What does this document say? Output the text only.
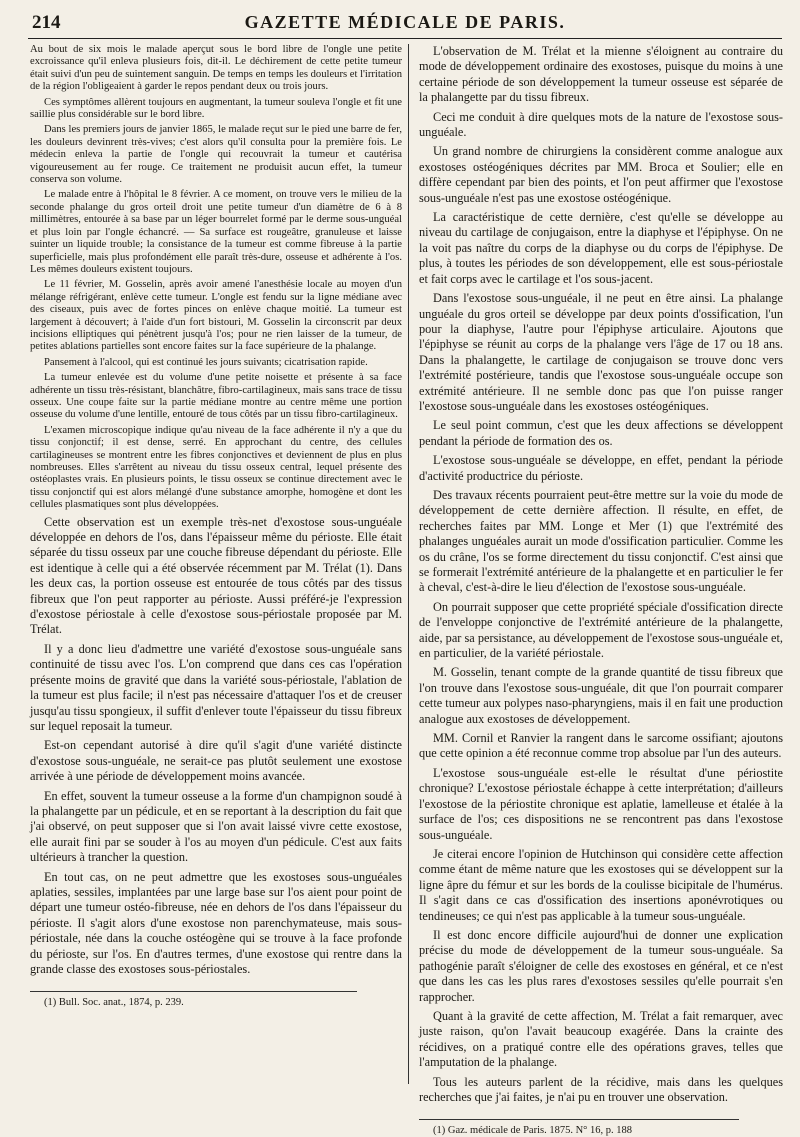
214	GAZETTE MÉDICALE DE PARIS.

Au bout de six mois le malade aperçut sous le bord libre de l'ongle une petite excroissance qu'il enleva plusieurs fois, dit-il. Le déchirement de cette petite tumeur était suivi d'un peu de suintement sanguin. De temps en temps les douleurs et l'irritation de la région l'obligeaient à garder le repos pendant deux ou trois jours.

Ces symptômes allèrent toujours en augmentant, la tumeur souleva l'ongle et fit une saillie plus considérable sur le bord libre.

Dans les premiers jours de janvier 1865, le malade reçut sur le pied une barre de fer, les douleurs devinrent très-vives; c'est alors qu'il consulta pour la première fois. Le médecin enleva la partie de l'ongle qui recouvrait la tumeur et cautérisa vigoureusement au fer rouge. Ce traitement ne produisit aucun effet, la tumeur conserva son volume.

Le malade entre à l'hôpital le 8 février. A ce moment, on trouve vers le milieu de la seconde phalange du gros orteil droit une petite tumeur d'un diamètre de 6 à 8 millimètres, entourée à sa base par un léger bourrelet formé par le derme sous-unguéal et plus loin par l'ongle échancré. — Sa surface est rougeâtre, granuleuse et laisse suinter un liquide trouble; la consistance de la tumeur est comme fibreuse à la partie superficielle, mais plus profondément elle paraît très-dure, osseuse et adhérente à l'os. Les mêmes douleurs existent toujours.

Le 11 février, M. Gosselin, après avoir amené l'anesthésie locale au moyen d'un mélange réfrigérant, enlève cette tumeur. L'ongle est fendu sur la ligne médiane avec des ciseaux, puis avec de fortes pinces on enlève chaque moitié. La tumeur est largement à découvert; à l'aide d'un fort bistouri, M. Gosselin la circonscrit par deux incisions elliptiques qui pénètrent jusqu'à l'os; pour ne rien laisser de la tumeur, de petites ablations partielles sont encore faites sur la face supérieure de la phalange.

Pansement à l'alcool, qui est continué les jours suivants; cicatrisation rapide.

La tumeur enlevée est du volume d'une petite noisette et présente à sa face adhérente un tissu très-résistant, blanchâtre, fibro-cartilagineux, mais sans trace de tissu osseux. Une coupe faite sur la partie médiane montre au centre même une portion osseuse du volume d'une lentille, entouré de tous côtés par un tissu fibro-cartilagineux.

L'examen microscopique indique qu'au niveau de la face adhérente il n'y a que du tissu conjonctif; il est dense, serré. En approchant du centre, des cellules cartilagineuses se montrent entre les fibres conjonctives et deviennent de plus en plus nombreuses. Elles s'arrêtent au niveau du tissu osseux central, lequel présente des ostéoplastes vrais. En plusieurs points, le tissu osseux se continue directement avec le tissu conjonctif qui est alors mélangé d'une substance amorphe, homogène et dont les cellules plasmatiques sont plus développées.

Cette observation est un exemple très-net d'exostose sous-unguéale développée en dehors de l'os, dans l'épaisseur même du périoste. Elle était séparée du tissu osseux par une couche fibreuse dépendant du périoste. Elle est identique à celle qui a été observée récemment par M. Trélat (1). Dans les deux cas, la portion osseuse est entourée de tous côtés par des tissus fibreux que l'on peut rapporter au périoste. Aussi préféré-je l'expression d'exostose périostale à celle d'exostose sous-périostale proposée par M. Trélat.

Il y a donc lieu d'admettre une variété d'exostose sous-unguéale sans continuité de tissu avec l'os. L'on comprend que dans ces cas l'opération présente moins de gravité que dans la variété sous-périostale, l'ablation de la tumeur est plus facile; il n'est pas nécessaire d'attaquer l'os et de creuser jusqu'au tissu spongieux, il suffit d'enlever toute l'épaisseur du tissu fibreux sur lequel reposait la tumeur.

Est-on cependant autorisé à dire qu'il s'agit d'une variété distincte d'exostose sous-unguéale, ne serait-ce pas plutôt seulement une exostose arrivée à une période de développement moins avancée.

En effet, souvent la tumeur osseuse a la forme d'un champignon soudé à la phalangette par un pédicule, et en se reportant à la description du fait que j'ai observé, on peut supposer que si l'on avait laissé vivre cette exostose, elle aurait fini par se souder à l'os au moyen d'un pédicule. C'est aux faits ultérieurs à trancher la question.

En tout cas, on ne peut admettre que les exostoses sous-unguéales aplaties, sessiles, implantées par une large base sur l'os aient pour point de départ une tumeur ostéo-fibreuse, née en dehors de l'os dans l'épaisseur du périoste. Il s'agit alors d'une exostose non parenchymateuse, mais sous-périostale, née dans la couche ostéogène qui se trouve à la face profonde du périoste, sur l'os. En d'autres termes, d'une exostose qui rentre dans la grande classe des exostoses sous-périostales.

(1) Bull. Soc. anat., 1874, p. 239.

L'observation de M. Trélat et la mienne s'éloignent au contraire du mode de développement ordinaire des exostoses, puisque du moins à une certaine période de son développement la tumeur osseuse est séparée de la phalangette par du tissu fibreux.

Ceci me conduit à dire quelques mots de la nature de l'exostose sous-unguéale.

Un grand nombre de chirurgiens la considèrent comme analogue aux exostoses ostéogéniques décrites par MM. Broca et Soulier; elle en diffère cependant par bien des points, et l'on peut affirmer que l'exostose sous-unguéale n'est pas une exostose ostéogénique.

La caractéristique de cette dernière, c'est qu'elle se développe au niveau du cartilage de conjugaison, entre la diaphyse et l'épiphyse. On ne la voit pas naître du corps de la diaphyse ou du corps de l'épiphyse. De plus, à toutes les périodes de son développement, elle est sous-périostale et fait corps avec le cartilage et l'os sous-jacent.

Dans l'exostose sous-unguéale, il ne peut en être ainsi. La phalange unguéale du gros orteil se développe par deux points d'ossification, l'un pour la diaphyse, l'autre pour l'épiphyse articulaire. Ajoutons que l'épiphyse se réunit au corps de la phalange vers l'âge de 17 ou 18 ans. Dans la phalangette, le cartilage de conjugaison se trouve donc vers l'extrémité postérieure, tandis que l'exostose sous-unguéale occupe son extrémité antérieure. Il ne semble donc pas que l'on puisse ranger l'exostose sous-unguéale dans les exostoses ostéogéniques.

Le seul point commun, c'est que les deux affections se développent pendant la période de formation des os.

L'exostose sous-unguéale se développe, en effet, pendant la période d'activité productrice du périoste.

Des travaux récents pourraient peut-être mettre sur la voie du mode de développement de cette dernière affection. Il résulte, en effet, de recherches faites par MM. Longe et Mer (1) que l'extrémité des phalanges unguéales aurait un mode d'ossification particulier. Comme les os du crâne, l'os se forme directement du tissu conjonctif. C'est ainsi que se formerait l'extrémité antérieure de la phalangette et en particulier le fer à cheval, c'est-à-dire le lieu d'élection de l'exostose sous-unguéale.

On pourrait supposer que cette propriété spéciale d'ossification directe de l'enveloppe conjonctive de l'extrémité antérieure de la phalangette, aide, par sa persistance, au développement de l'exostose sous-unguéale et, en particulier, de la variété périostale.

M. Gosselin, tenant compte de la grande quantité de tissu fibreux que l'on trouve dans l'exostose sous-unguéale, dit que l'on pourrait comparer cette tumeur aux polypes naso-pharyngiens, mais il en fait une production analogue aux exostoses de développement.

MM. Cornil et Ranvier la rangent dans le sarcome ossifiant; ajoutons que cette opinion a été reconnue comme trop absolue par l'un des auteurs.

L'exostose sous-unguéale est-elle le résultat d'une périostite chronique? L'exostose périostale échappe à cette interprétation; d'ailleurs l'exostose de la périostite chronique est aplatie, lamelleuse et étalée à la surface de l'os; ces dispositions ne se rencontrent pas dans l'exostose sous-unguéale.

Je citerai encore l'opinion de Hutchinson qui considère cette affection comme étant de même nature que les exostoses qui se développent sur la ligne âpre du fémur et sur les bords de la coulisse bicipitale de l'humérus. Il s'agit dans ce cas d'ossification des insertions aponévrotiques ou tendineuses; ce qui n'est pas applicable à la tumeur sous-unguéale.

Il est donc encore difficile aujourd'hui de donner une explication précise du mode de développement de la tumeur sous-unguéale. Sa pathogénie paraît s'éloigner de celle des exostoses en général, et ce n'est que dans les cas les plus rares d'exostoses sessiles qu'elle pourrait s'en rapprocher.

Quant à la gravité de cette affection, M. Trélat a fait remarquer, avec juste raison, qu'on l'avait beaucoup exagérée. Dans la crainte des récidives, on a pratiqué contre elle des opérations graves, telles que l'amputation de la phalange.

Tous les auteurs parlent de la récidive, mais dans les quelques recherches que j'ai faites, je n'ai pu en trouver une observation.

(1) Gaz. médicale de Paris. 1875. N° 16, p. 188
